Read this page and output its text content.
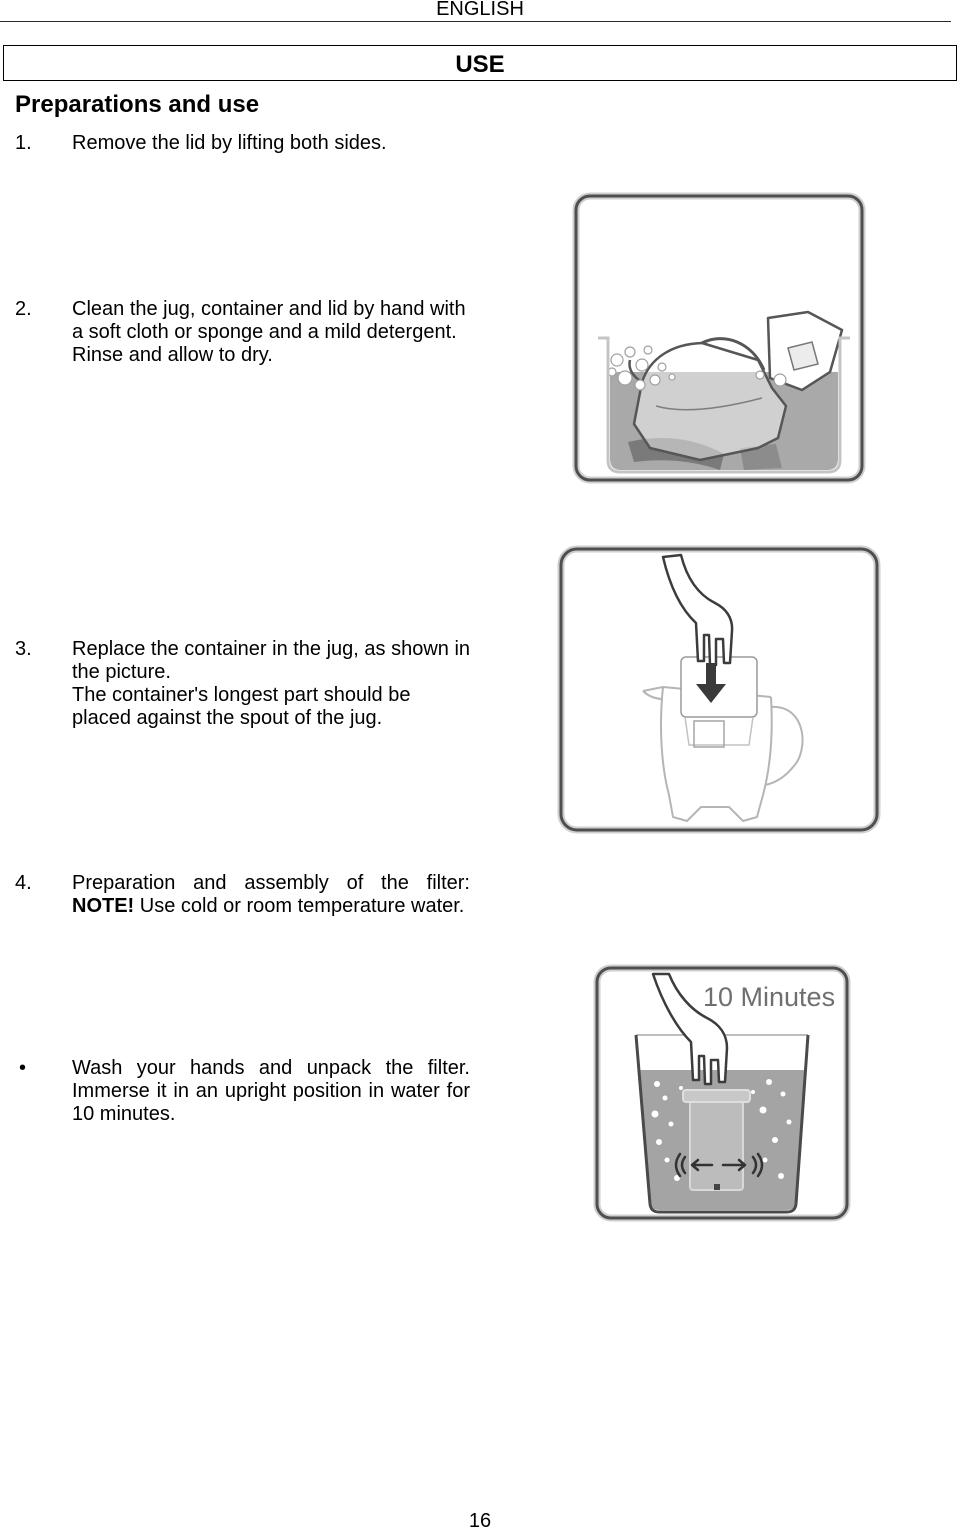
ENGLISH
USE
Preparations and use
1. Remove the lid by lifting both sides.
2. Clean the jug, container and lid by hand with
a soft cloth or sponge and a mild detergent.
Rinse and allow to dry.
3. Replace the container in the jug, as shown in
the picture.
The container's longest part should be
placed against the spout of the jug.
4. Preparation and assembly of the filter:
NOTE! Use cold or room temperature water.
• Wash your hands and unpack the filter.
Immerse it in an upright position in water for
10 minutes.
10 Minutes
16
